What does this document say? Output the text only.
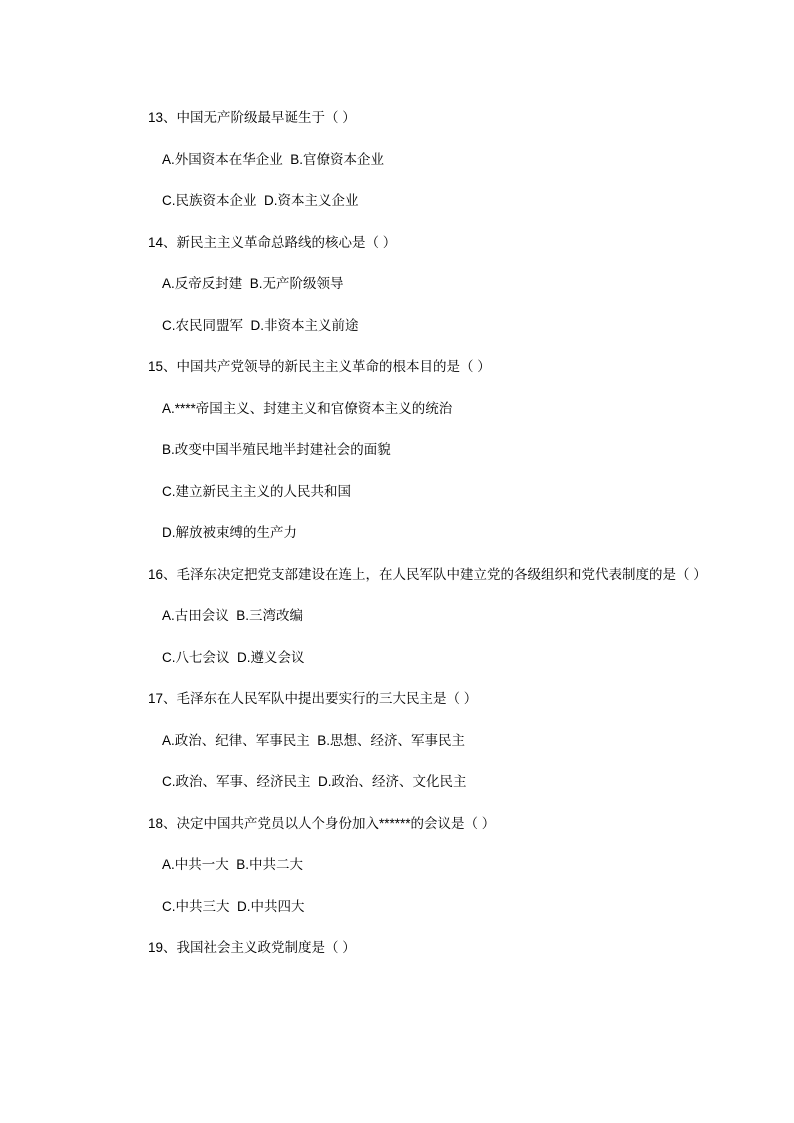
13、中国无产阶级最早诞生于（ ）
A.外国资本在华企业  B.官僚资本企业
C.民族资本企业  D.资本主义企业
14、新民主主义革命总路线的核心是（ ）
A.反帝反封建  B.无产阶级领导
C.农民同盟军  D.非资本主义前途
15、中国共产党领导的新民主主义革命的根本目的是（ ）
A.****帝国主义、封建主义和官僚资本主义的统治
B.改变中国半殖民地半封建社会的面貌
C.建立新民主主义的人民共和国
D.解放被束缚的生产力
16、毛泽东决定把党支部建设在连上，在人民军队中建立党的各级组织和党代表制度的是（ ）
A.古田会议  B.三湾改编
C.八七会议  D.遵义会议
17、毛泽东在人民军队中提出要实行的三大民主是（ ）
A.政治、纪律、军事民主  B.思想、经济、军事民主
C.政治、军事、经济民主  D.政治、经济、文化民主
18、决定中国共产党员以人个身份加入******的会议是（ ）
A.中共一大  B.中共二大
C.中共三大  D.中共四大
19、我国社会主义政党制度是（ ）
